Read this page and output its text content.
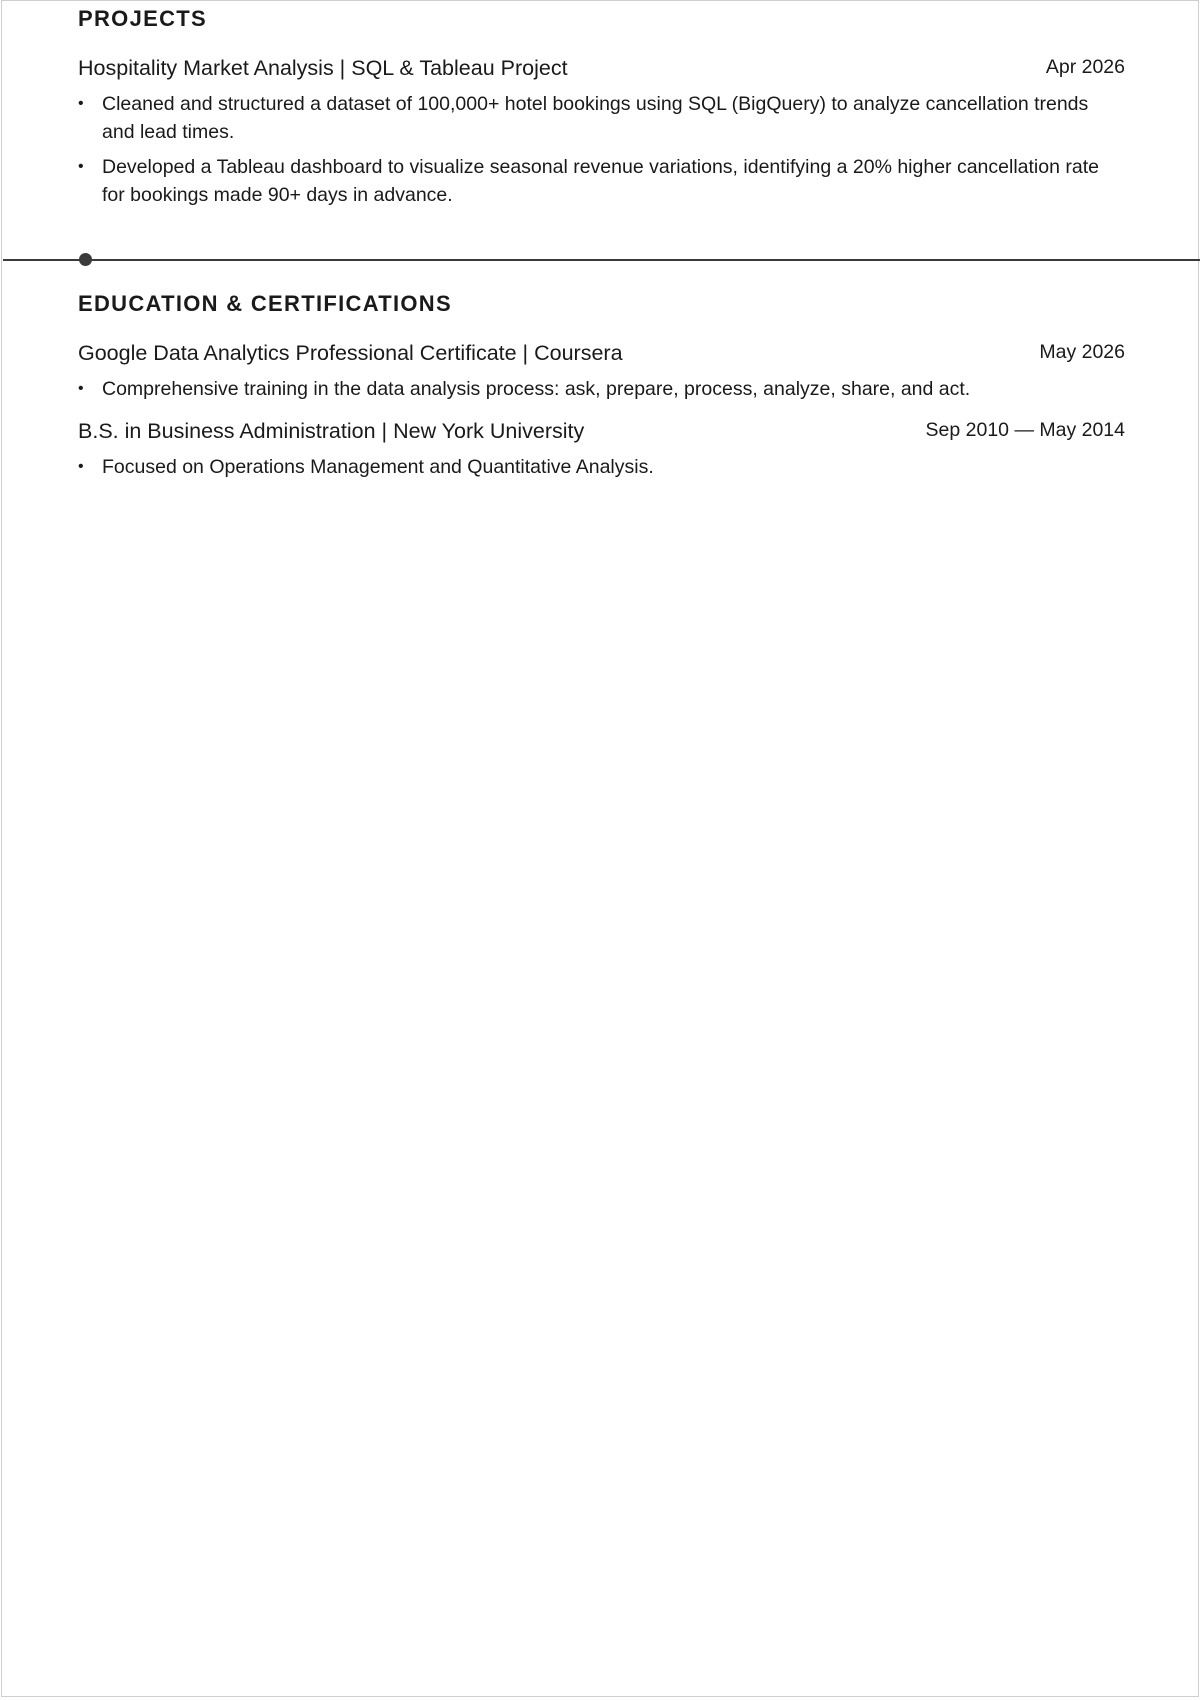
PROJECTS
Hospitality Market Analysis | SQL & Tableau Project	Apr 2026
• Cleaned and structured a dataset of 100,000+ hotel bookings using SQL (BigQuery) to analyze cancellation trends and lead times.
• Developed a Tableau dashboard to visualize seasonal revenue variations, identifying a 20% higher cancellation rate for bookings made 90+ days in advance.
EDUCATION & CERTIFICATIONS
Google Data Analytics Professional Certificate | Coursera	May 2026
• Comprehensive training in the data analysis process: ask, prepare, process, analyze, share, and act.
B.S. in Business Administration | New York University	Sep 2010 — May 2014
• Focused on Operations Management and Quantitative Analysis.
